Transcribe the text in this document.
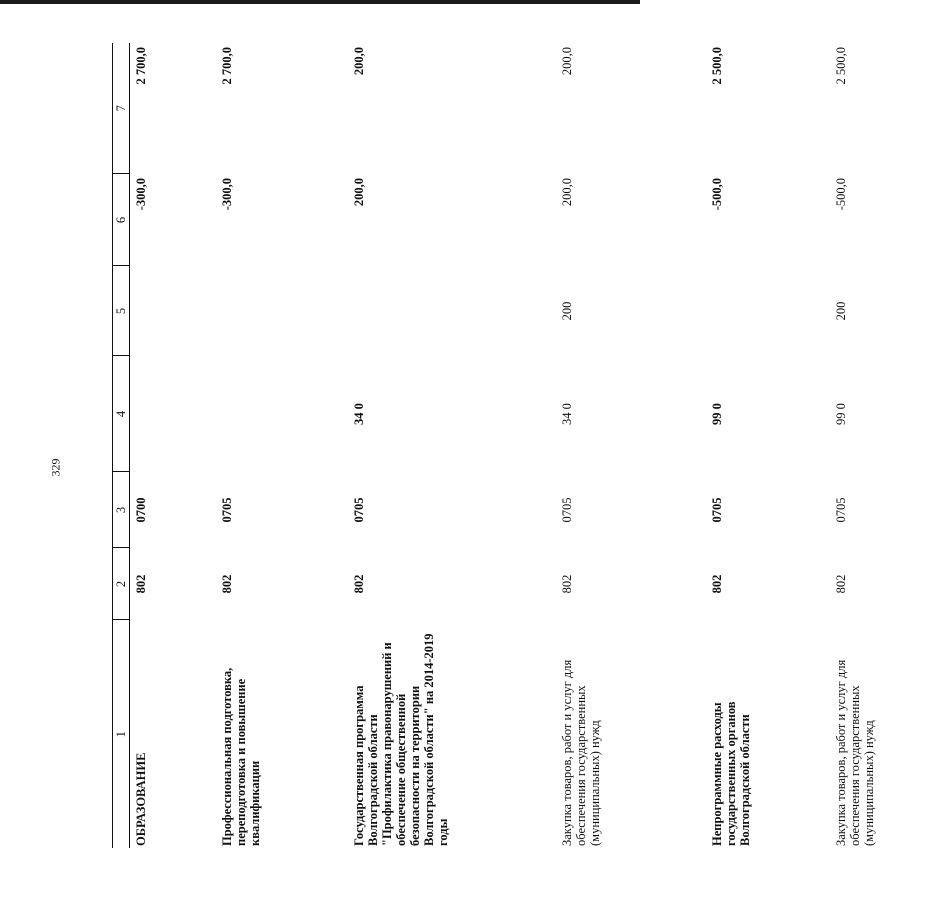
329
1	2	3	4	5	6	7
ОБРАЗОВАНИЕ	802	0700			-300,0	2 700,0
Профессиональная подготовка, переподготовка и повышение квалификации	802	0705			-300,0	2 700,0
Государственная программа Волгоградской области "Профилактика правонарушений и обеспечение общественной безопасности на территории Волгоградской области" на 2014-2019 годы	802	0705	34 0		200,0	200,0
Закупка товаров, работ и услуг для обеспечения государственных (муниципальных) нужд	802	0705	34 0	200	200,0	200,0
Непрограммные расходы государственных органов Волгоградской области	802	0705	99 0		-500,0	2 500,0
Закупка товаров, работ и услуг для обеспечения государственных (муниципальных) нужд	802	0705	99 0	200	-500,0	2 500,0
